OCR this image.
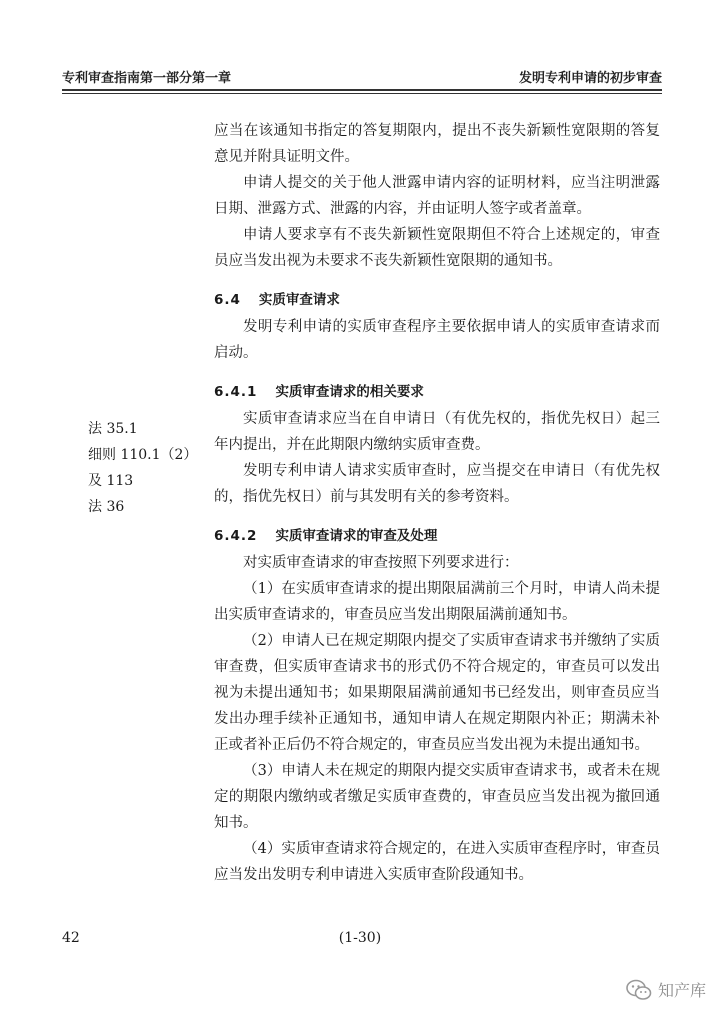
专利审查指南第一部分第一章	发明专利申请的初步审查

应当在该通知书指定的答复期限内，提出不丧失新颖性宽限期的答复意见并附具证明文件。

申请人提交的关于他人泄露申请内容的证明材料，应当注明泄露日期、泄露方式、泄露的内容，并由证明人签字或者盖章。

申请人要求享有不丧失新颖性宽限期但不符合上述规定的，审查员应当发出视为未要求不丧失新颖性宽限期的通知书。

6.4 实质审查请求

发明专利申请的实质审查程序主要依据申请人的实质审查请求而启动。

6.4.1 实质审查请求的相关要求

实质审查请求应当在自申请日（有优先权的，指优先权日）起三年内提出，并在此期限内缴纳实质审查费。

发明专利申请人请求实质审查时，应当提交在申请日（有优先权的，指优先权日）前与其发明有关的参考资料。

6.4.2 实质审查请求的审查及处理

对实质审查请求的审查按照下列要求进行：

（1）在实质审查请求的提出期限届满前三个月时，申请人尚未提出实质审查请求的，审查员应当发出期限届满前通知书。

（2）申请人已在规定期限内提交了实质审查请求书并缴纳了实质审查费，但实质审查请求书的形式仍不符合规定的，审查员可以发出视为未提出通知书；如果期限届满前通知书已经发出，则审查员应当发出办理手续补正通知书，通知申请人在规定期限内补正；期满未补正或者补正后仍不符合规定的，审查员应当发出视为未提出通知书。

（3）申请人未在规定的期限内提交实质审查请求书，或者未在规定的期限内缴纳或者缴足实质审查费的，审查员应当发出视为撤回通知书。

（4）实质审查请求符合规定的，在进入实质审查程序时，审查员应当发出发明专利申请进入实质审查阶段通知书。

法 35.1
细则 110.1（2）
及 113
法 36
42	(1-30)
知产库
